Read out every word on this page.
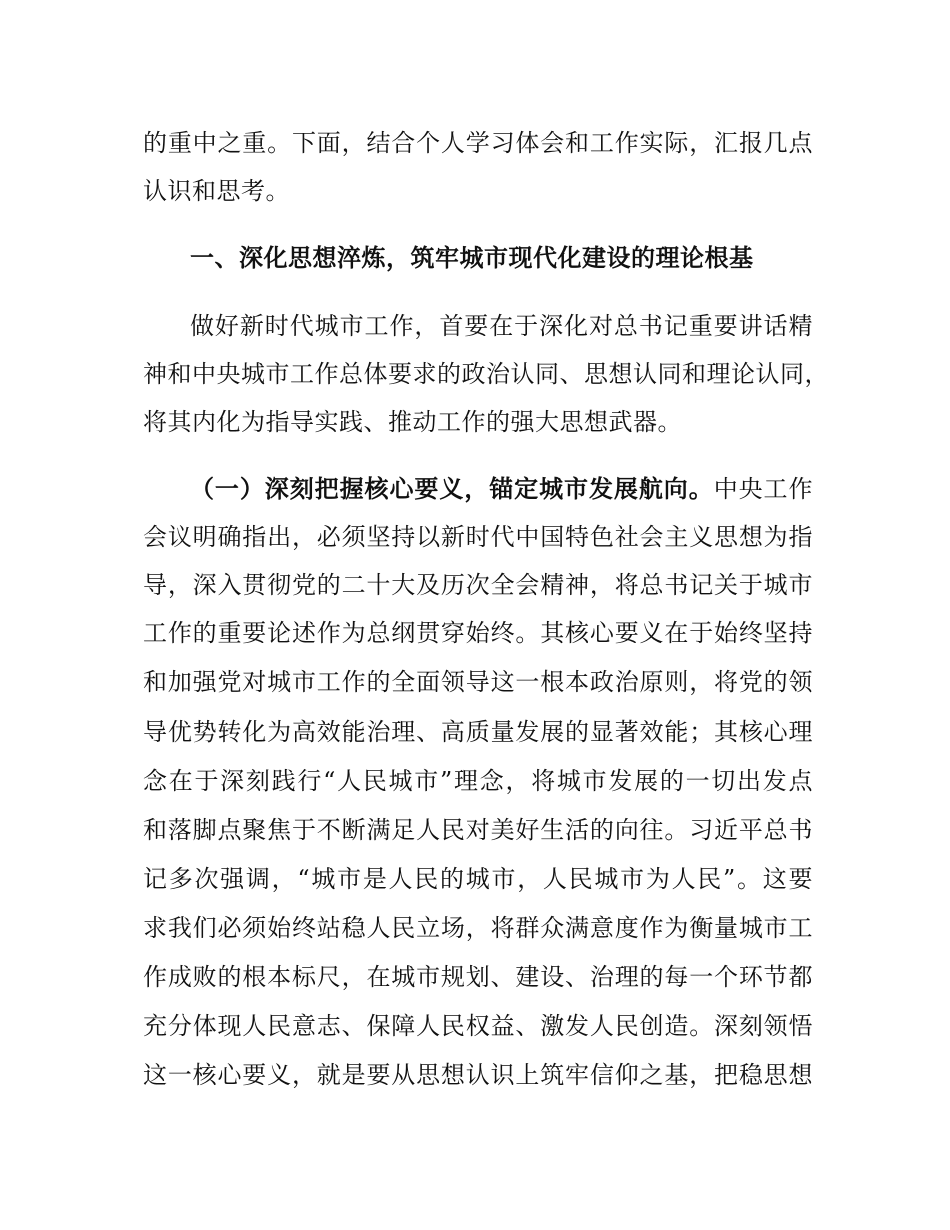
的重中之重。下面，结合个人学习体会和工作实际，汇报几点
认识和思考。
一、深化思想淬炼，筑牢城市现代化建设的理论根基
做好新时代城市工作，首要在于深化对总书记重要讲话精
神和中央城市工作总体要求的政治认同、思想认同和理论认同，
将其内化为指导实践、推动工作的强大思想武器。
（一）深刻把握核心要义，锚定城市发展航向。中央工作
会议明确指出，必须坚持以新时代中国特色社会主义思想为指
导，深入贯彻党的二十大及历次全会精神，将总书记关于城市
工作的重要论述作为总纲贯穿始终。其核心要义在于始终坚持
和加强党对城市工作的全面领导这一根本政治原则，将党的领
导优势转化为高效能治理、高质量发展的显著效能；其核心理
念在于深刻践行“人民城市”理念，将城市发展的一切出发点
和落脚点聚焦于不断满足人民对美好生活的向往。习近平总书
记多次强调，“城市是人民的城市，人民城市为人民”。这要
求我们必须始终站稳人民立场，将群众满意度作为衡量城市工
作成败的根本标尺，在城市规划、建设、治理的每一个环节都
充分体现人民意志、保障人民权益、激发人民创造。深刻领悟
这一核心要义，就是要从思想认识上筑牢信仰之基，把稳思想
